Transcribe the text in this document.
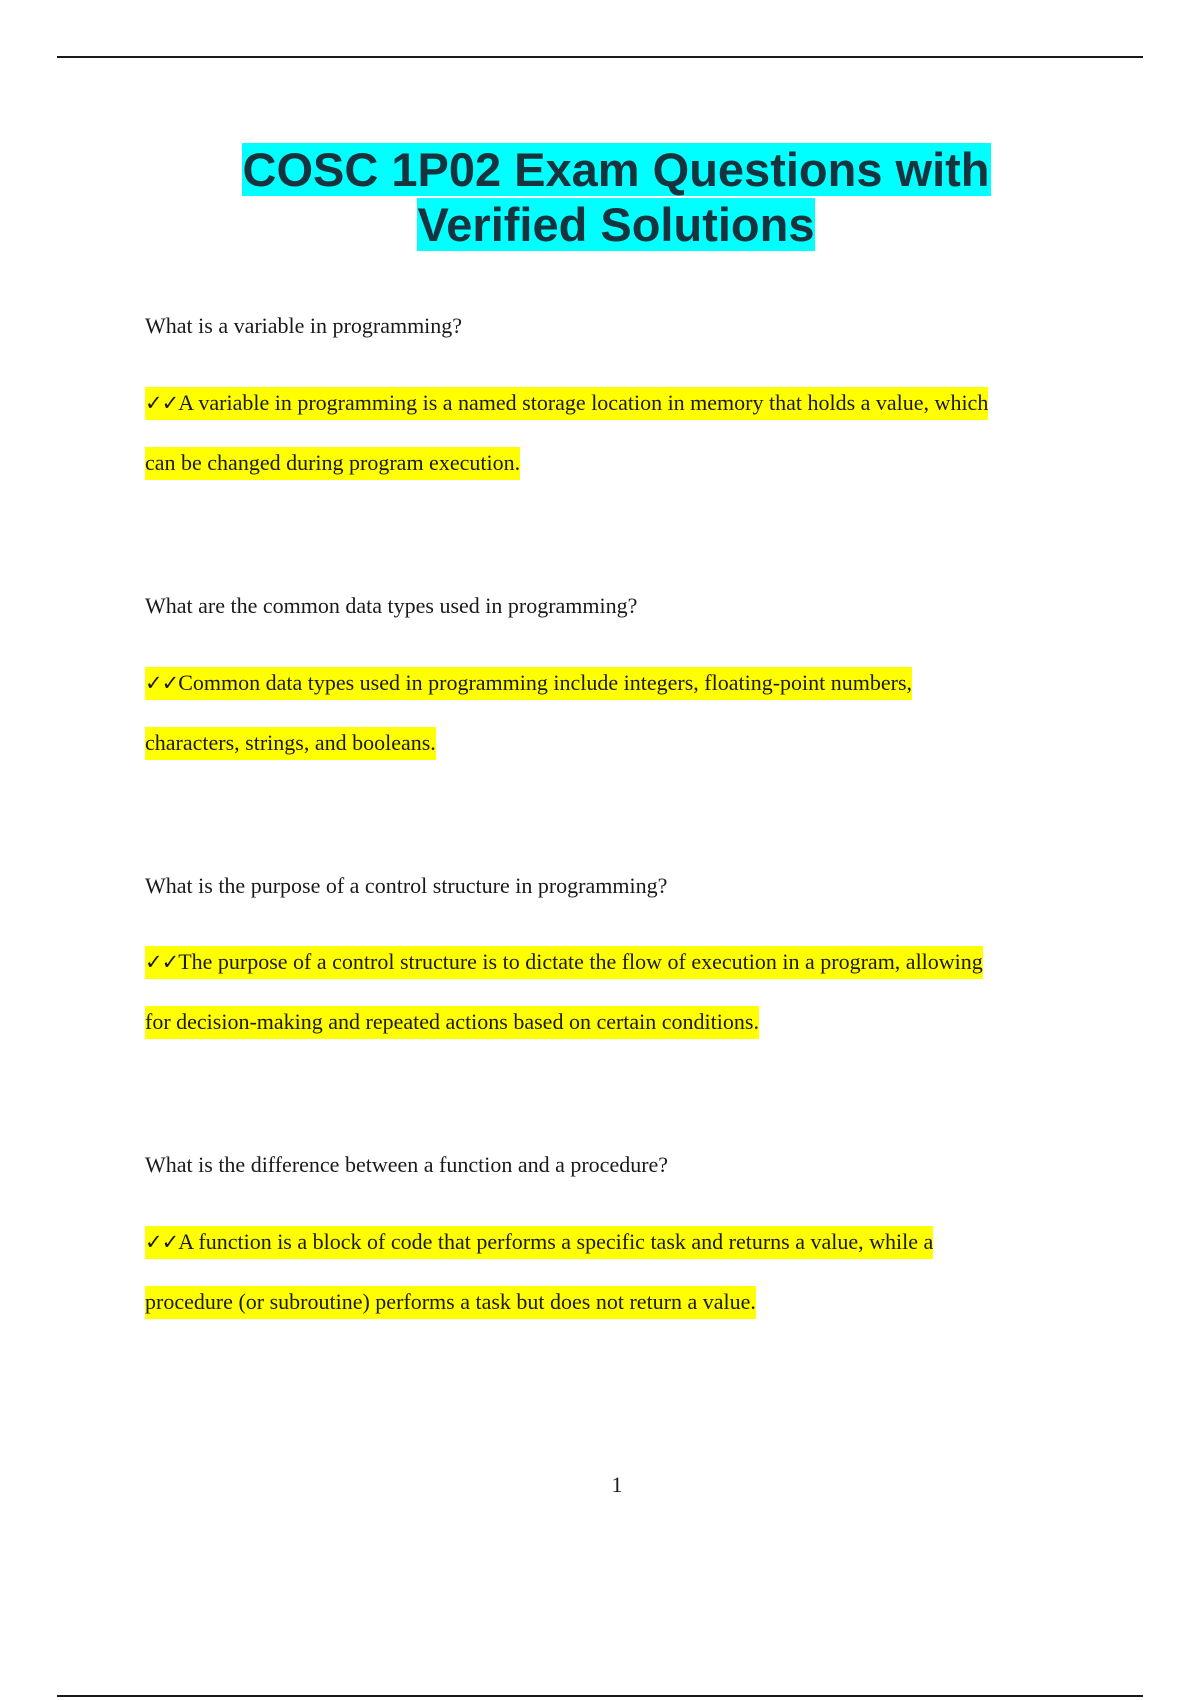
COSC 1P02 Exam Questions with
Verified Solutions
What is a variable in programming?
✓✓A variable in programming is a named storage location in memory that holds a value, which
can be changed during program execution.
What are the common data types used in programming?
✓✓Common data types used in programming include integers, floating-point numbers,
characters, strings, and booleans.
What is the purpose of a control structure in programming?
✓✓The purpose of a control structure is to dictate the flow of execution in a program, allowing
for decision-making and repeated actions based on certain conditions.
What is the difference between a function and a procedure?
✓✓A function is a block of code that performs a specific task and returns a value, while a
procedure (or subroutine) performs a task but does not return a value.
1
